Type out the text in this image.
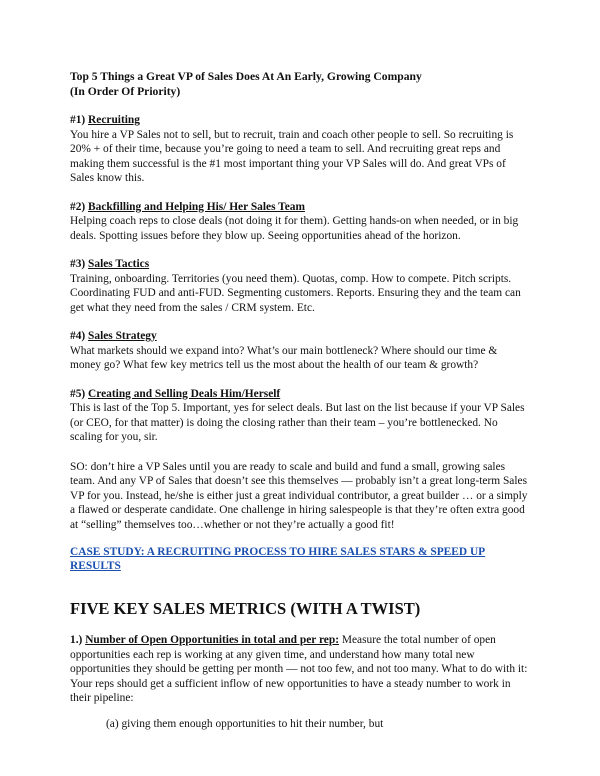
Top 5 Things a Great VP of Sales Does At An Early, Growing Company

(In Order Of Priority)

#1) Recruiting

You hire a VP Sales not to sell, but to recruit, train and coach other people to sell. So recruiting is 20% + of their time, because you’re going to need a team to sell. And recruiting great reps and making them successful is the #1 most important thing your VP Sales will do. And great VPs of Sales know this.

#2) Backfilling and Helping His/ Her Sales Team

Helping coach reps to close deals (not doing it for them). Getting hands-on when needed, or in big deals. Spotting issues before they blow up. Seeing opportunities ahead of the horizon.

#3) Sales Tactics

Training, onboarding. Territories (you need them). Quotas, comp. How to compete. Pitch scripts. Coordinating FUD and anti-FUD. Segmenting customers. Reports. Ensuring they and the team can get what they need from the sales / CRM system. Etc.

#4) Sales Strategy

What markets should we expand into? What’s our main bottleneck? Where should our time & money go? What few key metrics tell us the most about the health of our team & growth?

#5) Creating and Selling Deals Him/Herself

This is last of the Top 5. Important, yes for select deals. But last on the list because if your VP Sales (or CEO, for that matter) is doing the closing rather than their team – you’re bottlenecked. No scaling for you, sir.

SO: don’t hire a VP Sales until you are ready to scale and build and fund a small, growing sales team. And any VP of Sales that doesn’t see this themselves — probably isn’t a great long-term Sales VP for you. Instead, he/she is either just a great individual contributor, a great builder … or a simply a flawed or desperate candidate. One challenge in hiring salespeople is that they’re often extra good at “selling” themselves too…whether or not they’re actually a good fit!

CASE STUDY: A RECRUITING PROCESS TO HIRE SALES STARS & SPEED UP RESULTS
FIVE KEY SALES METRICS (WITH A TWIST)

1.) Number of Open Opportunities in total and per rep: Measure the total number of open opportunities each rep is working at any given time, and understand how many total new opportunities they should be getting per month — not too few, and not too many. What to do with it: Your reps should get a sufficient inflow of new opportunities to have a steady number to work in their pipeline:

(a) giving them enough opportunities to hit their number, but
